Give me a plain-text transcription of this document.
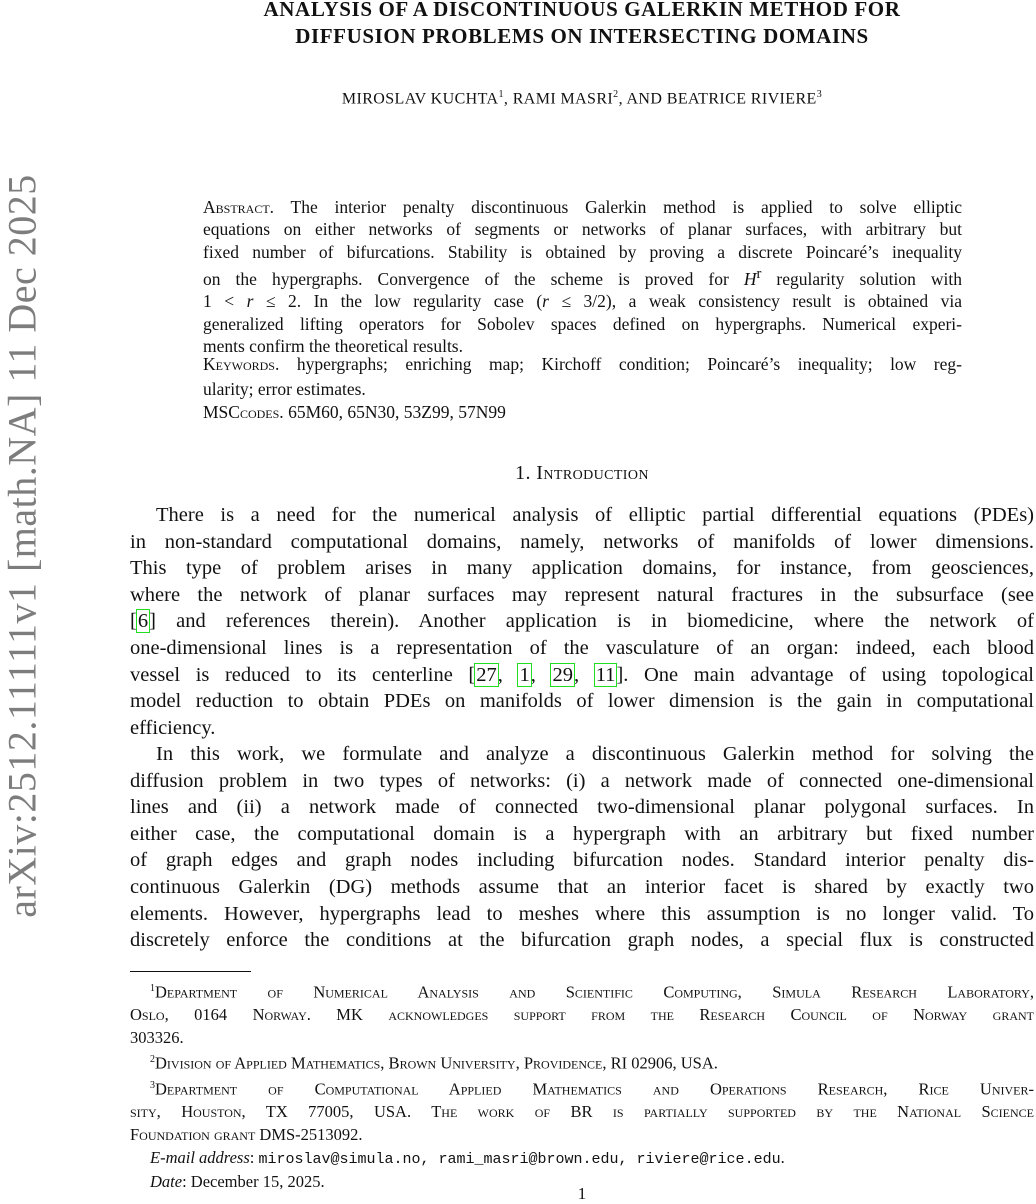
arXiv:2512.11111v1 [math.NA] 11 Dec 2025
ANALYSIS OF A DISCONTINUOUS GALERKIN METHOD FOR
DIFFUSION PROBLEMS ON INTERSECTING DOMAINS
MIROSLAV KUCHTA$^1$, RAMI MASRI$^2$, AND BEATRICE RIVIERE$^3$
Abstract. The interior penalty discontinuous Galerkin method is applied to solve elliptic
equations on either networks of segments or networks of planar surfaces, with arbitrary but
fixed number of bifurcations. Stability is obtained by proving a discrete Poincaré’s inequality
on the hypergraphs. Convergence of the scheme is proved for $H^r$ regularity solution with
1 < r ≤ 2. In the low regularity case (r ≤ 3/2), a weak consistency result is obtained via
generalized lifting operators for Sobolev spaces defined on hypergraphs. Numerical experi-
ments confirm the theoretical results.
Keywords. hypergraphs; enriching map; Kirchoff condition; Poincaré’s inequality; low reg-
ularity; error estimates.
MSCcodes. 65M60, 65N30, 53Z99, 57N99
1. Introduction
There is a need for the numerical analysis of elliptic partial differential equations (PDEs)
in non-standard computational domains, namely, networks of manifolds of lower dimensions.
This type of problem arises in many application domains, for instance, from geosciences,
where the network of planar surfaces may represent natural fractures in the subsurface (see
[6] and references therein). Another application is in biomedicine, where the network of
one-dimensional lines is a representation of the vasculature of an organ: indeed, each blood
vessel is reduced to its centerline [27, 1, 29, 11]. One main advantage of using topological
model reduction to obtain PDEs on manifolds of lower dimension is the gain in computational
efficiency.
In this work, we formulate and analyze a discontinuous Galerkin method for solving the
diffusion problem in two types of networks: (i) a network made of connected one-dimensional
lines and (ii) a network made of connected two-dimensional planar polygonal surfaces. In
either case, the computational domain is a hypergraph with an arbitrary but fixed number
of graph edges and graph nodes including bifurcation nodes. Standard interior penalty dis-
continuous Galerkin (DG) methods assume that an interior facet is shared by exactly two
elements. However, hypergraphs lead to meshes where this assumption is no longer valid. To
discretely enforce the conditions at the bifurcation graph nodes, a special flux is constructed
$^1$Department of Numerical Analysis and Scientific Computing, Simula Research Laboratory,
Oslo, 0164 Norway. MK acknowledges support from the Research Council of Norway grant
303326.
$^2$Division of Applied Mathematics, Brown University, Providence, RI 02906, USA.
$^3$Department of Computational Applied Mathematics and Operations Research, Rice Univer-
sity, Houston, TX 77005, USA. The work of BR is partially supported by the National Science
Foundation grant DMS-2513092.
E-mail address: miroslav@simula.no, rami_masri@brown.edu, riviere@rice.edu.
Date: December 15, 2025.
1
